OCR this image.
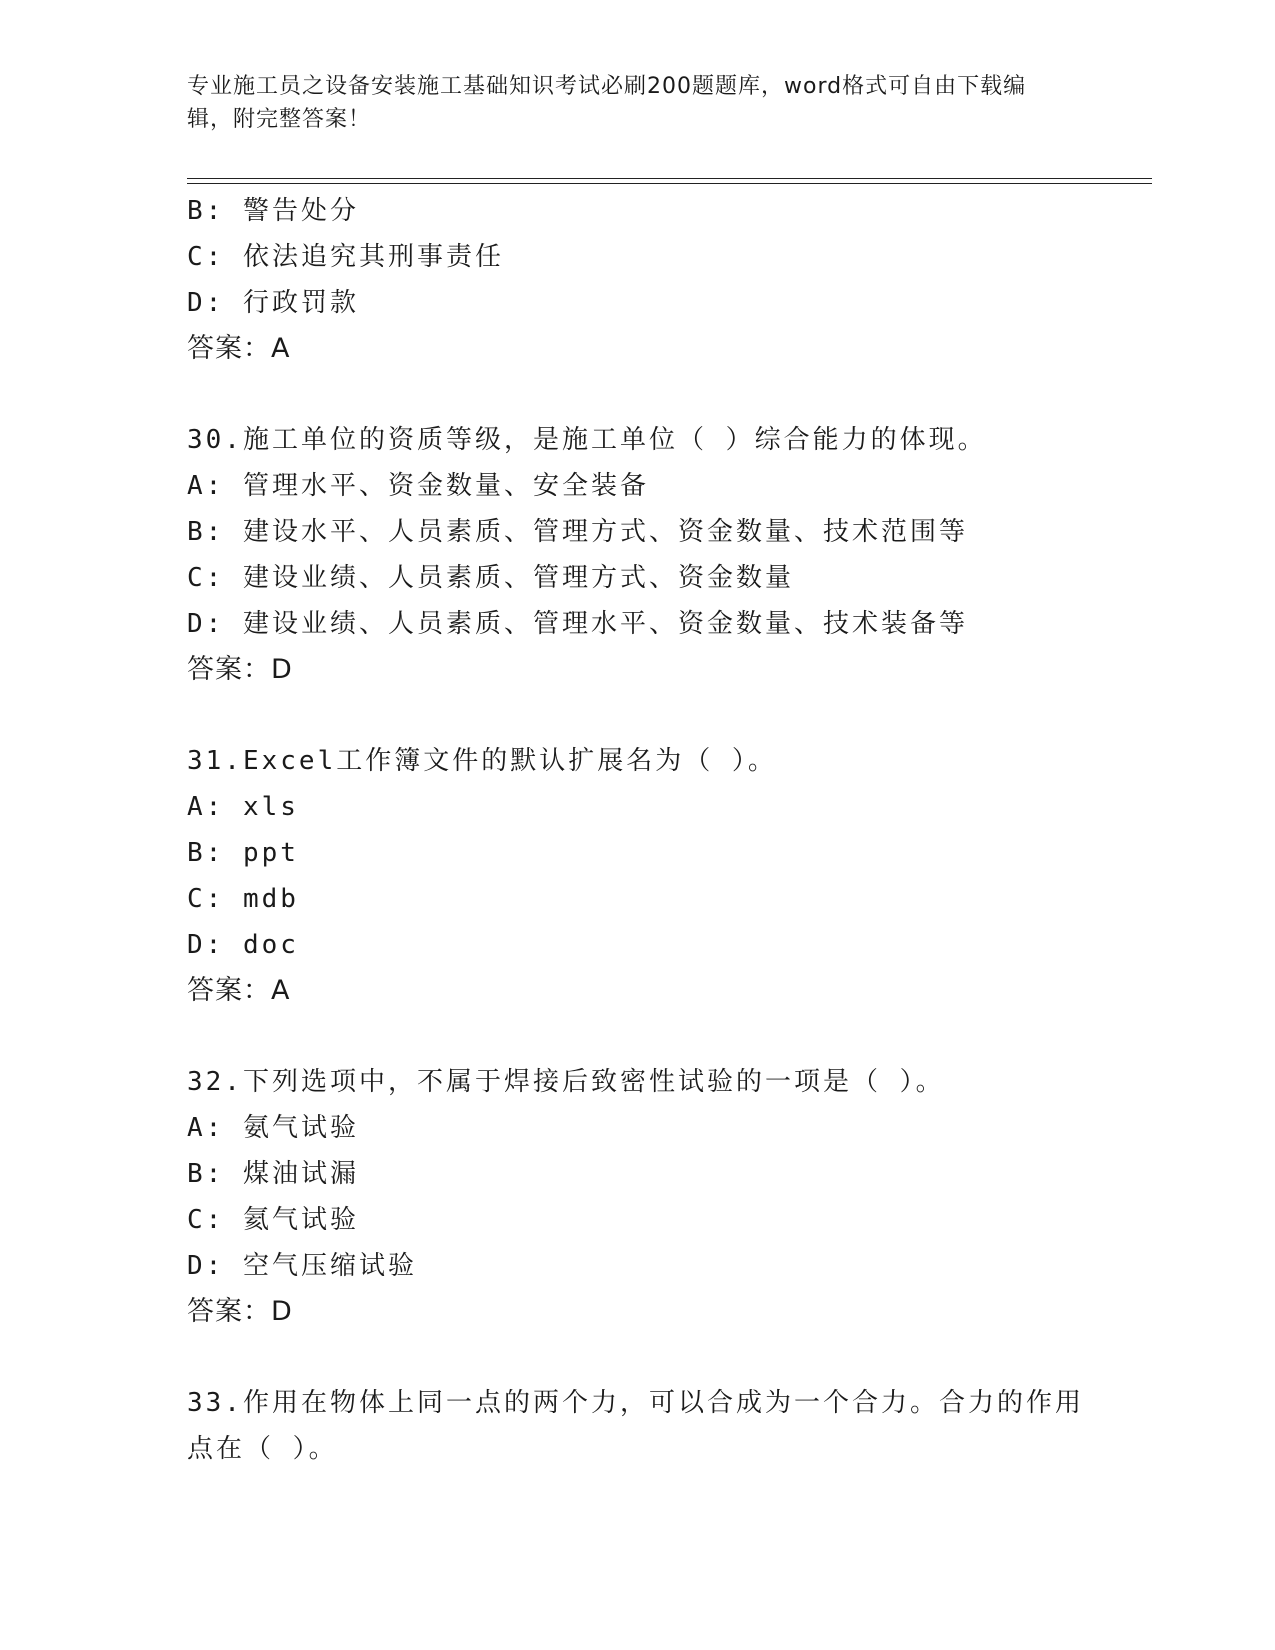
专业施工员之设备安装施工基础知识考试必刷200题题库，word格式可自由下载编辑，附完整答案！
B: 警告处分
C: 依法追究其刑事责任
D: 行政罚款
答案：A
30.施工单位的资质等级，是施工单位（ ）综合能力的体现。
A: 管理水平、资金数量、安全装备
B: 建设水平、人员素质、管理方式、资金数量、技术范围等
C: 建设业绩、人员素质、管理方式、资金数量
D: 建设业绩、人员素质、管理水平、资金数量、技术装备等
答案：D
31.Excel工作簿文件的默认扩展名为（ ）。
A: xls
B: ppt
C: mdb
D: doc
答案：A
32.下列选项中，不属于焊接后致密性试验的一项是（ ）。
A: 氨气试验
B: 煤油试漏
C: 氦气试验
D: 空气压缩试验
答案：D
33.作用在物体上同一点的两个力，可以合成为一个合力。合力的作用点在（ ）。
